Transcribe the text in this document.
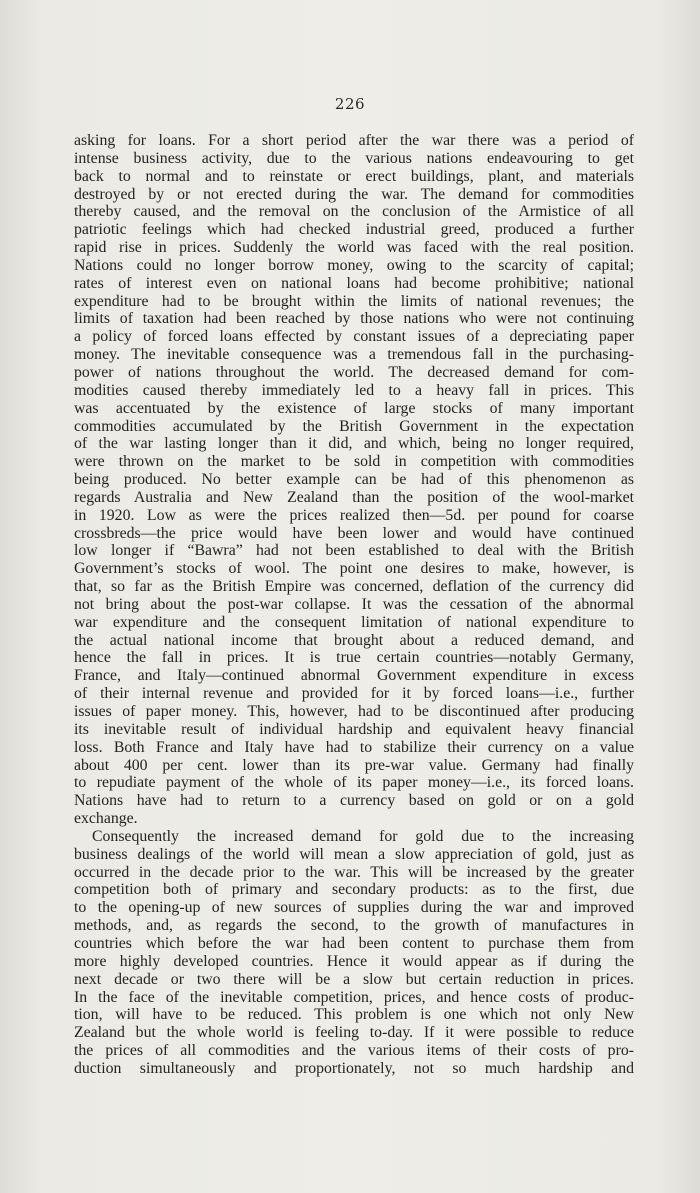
226
asking for loans. For a short period after the war there was a period of
intense business activity, due to the various nations endeavouring to get
back to normal and to reinstate or erect buildings, plant, and materials
destroyed by or not erected during the war. The demand for commodities
thereby caused, and the removal on the conclusion of the Armistice of all
patriotic feelings which had checked industrial greed, produced a further
rapid rise in prices. Suddenly the world was faced with the real position.
Nations could no longer borrow money, owing to the scarcity of capital;
rates of interest even on national loans had become prohibitive; national
expenditure had to be brought within the limits of national revenues; the
limits of taxation had been reached by those nations who were not continuing
a policy of forced loans effected by constant issues of a depreciating paper
money. The inevitable consequence was a tremendous fall in the purchasing-
power of nations throughout the world. The decreased demand for com-
modities caused thereby immediately led to a heavy fall in prices. This
was accentuated by the existence of large stocks of many important
commodities accumulated by the British Government in the expectation
of the war lasting longer than it did, and which, being no longer required,
were thrown on the market to be sold in competition with commodities
being produced. No better example can be had of this phenomenon as
regards Australia and New Zealand than the position of the wool-market
in 1920. Low as were the prices realized then—5d. per pound for coarse
crossbreds—the price would have been lower and would have continued
low longer if “Bawra” had not been established to deal with the British
Government’s stocks of wool. The point one desires to make, however, is
that, so far as the British Empire was concerned, deflation of the currency did
not bring about the post-war collapse. It was the cessation of the abnormal
war expenditure and the consequent limitation of national expenditure to
the actual national income that brought about a reduced demand, and
hence the fall in prices. It is true certain countries—notably Germany,
France, and Italy—continued abnormal Government expenditure in excess
of their internal revenue and provided for it by forced loans—i.e., further
issues of paper money. This, however, had to be discontinued after producing
its inevitable result of individual hardship and equivalent heavy financial
loss. Both France and Italy have had to stabilize their currency on a value
about 400 per cent. lower than its pre-war value. Germany had finally
to repudiate payment of the whole of its paper money—i.e., its forced loans.
Nations have had to return to a currency based on gold or on a gold
exchange.
Consequently the increased demand for gold due to the increasing
business dealings of the world will mean a slow appreciation of gold, just as
occurred in the decade prior to the war. This will be increased by the greater
competition both of primary and secondary products: as to the first, due
to the opening-up of new sources of supplies during the war and improved
methods, and, as regards the second, to the growth of manufactures in
countries which before the war had been content to purchase them from
more highly developed countries. Hence it would appear as if during the
next decade or two there will be a slow but certain reduction in prices.
In the face of the inevitable competition, prices, and hence costs of produc-
tion, will have to be reduced. This problem is one which not only New
Zealand but the whole world is feeling to-day. If it were possible to reduce
the prices of all commodities and the various items of their costs of pro-
duction simultaneously and proportionately, not so much hardship and
